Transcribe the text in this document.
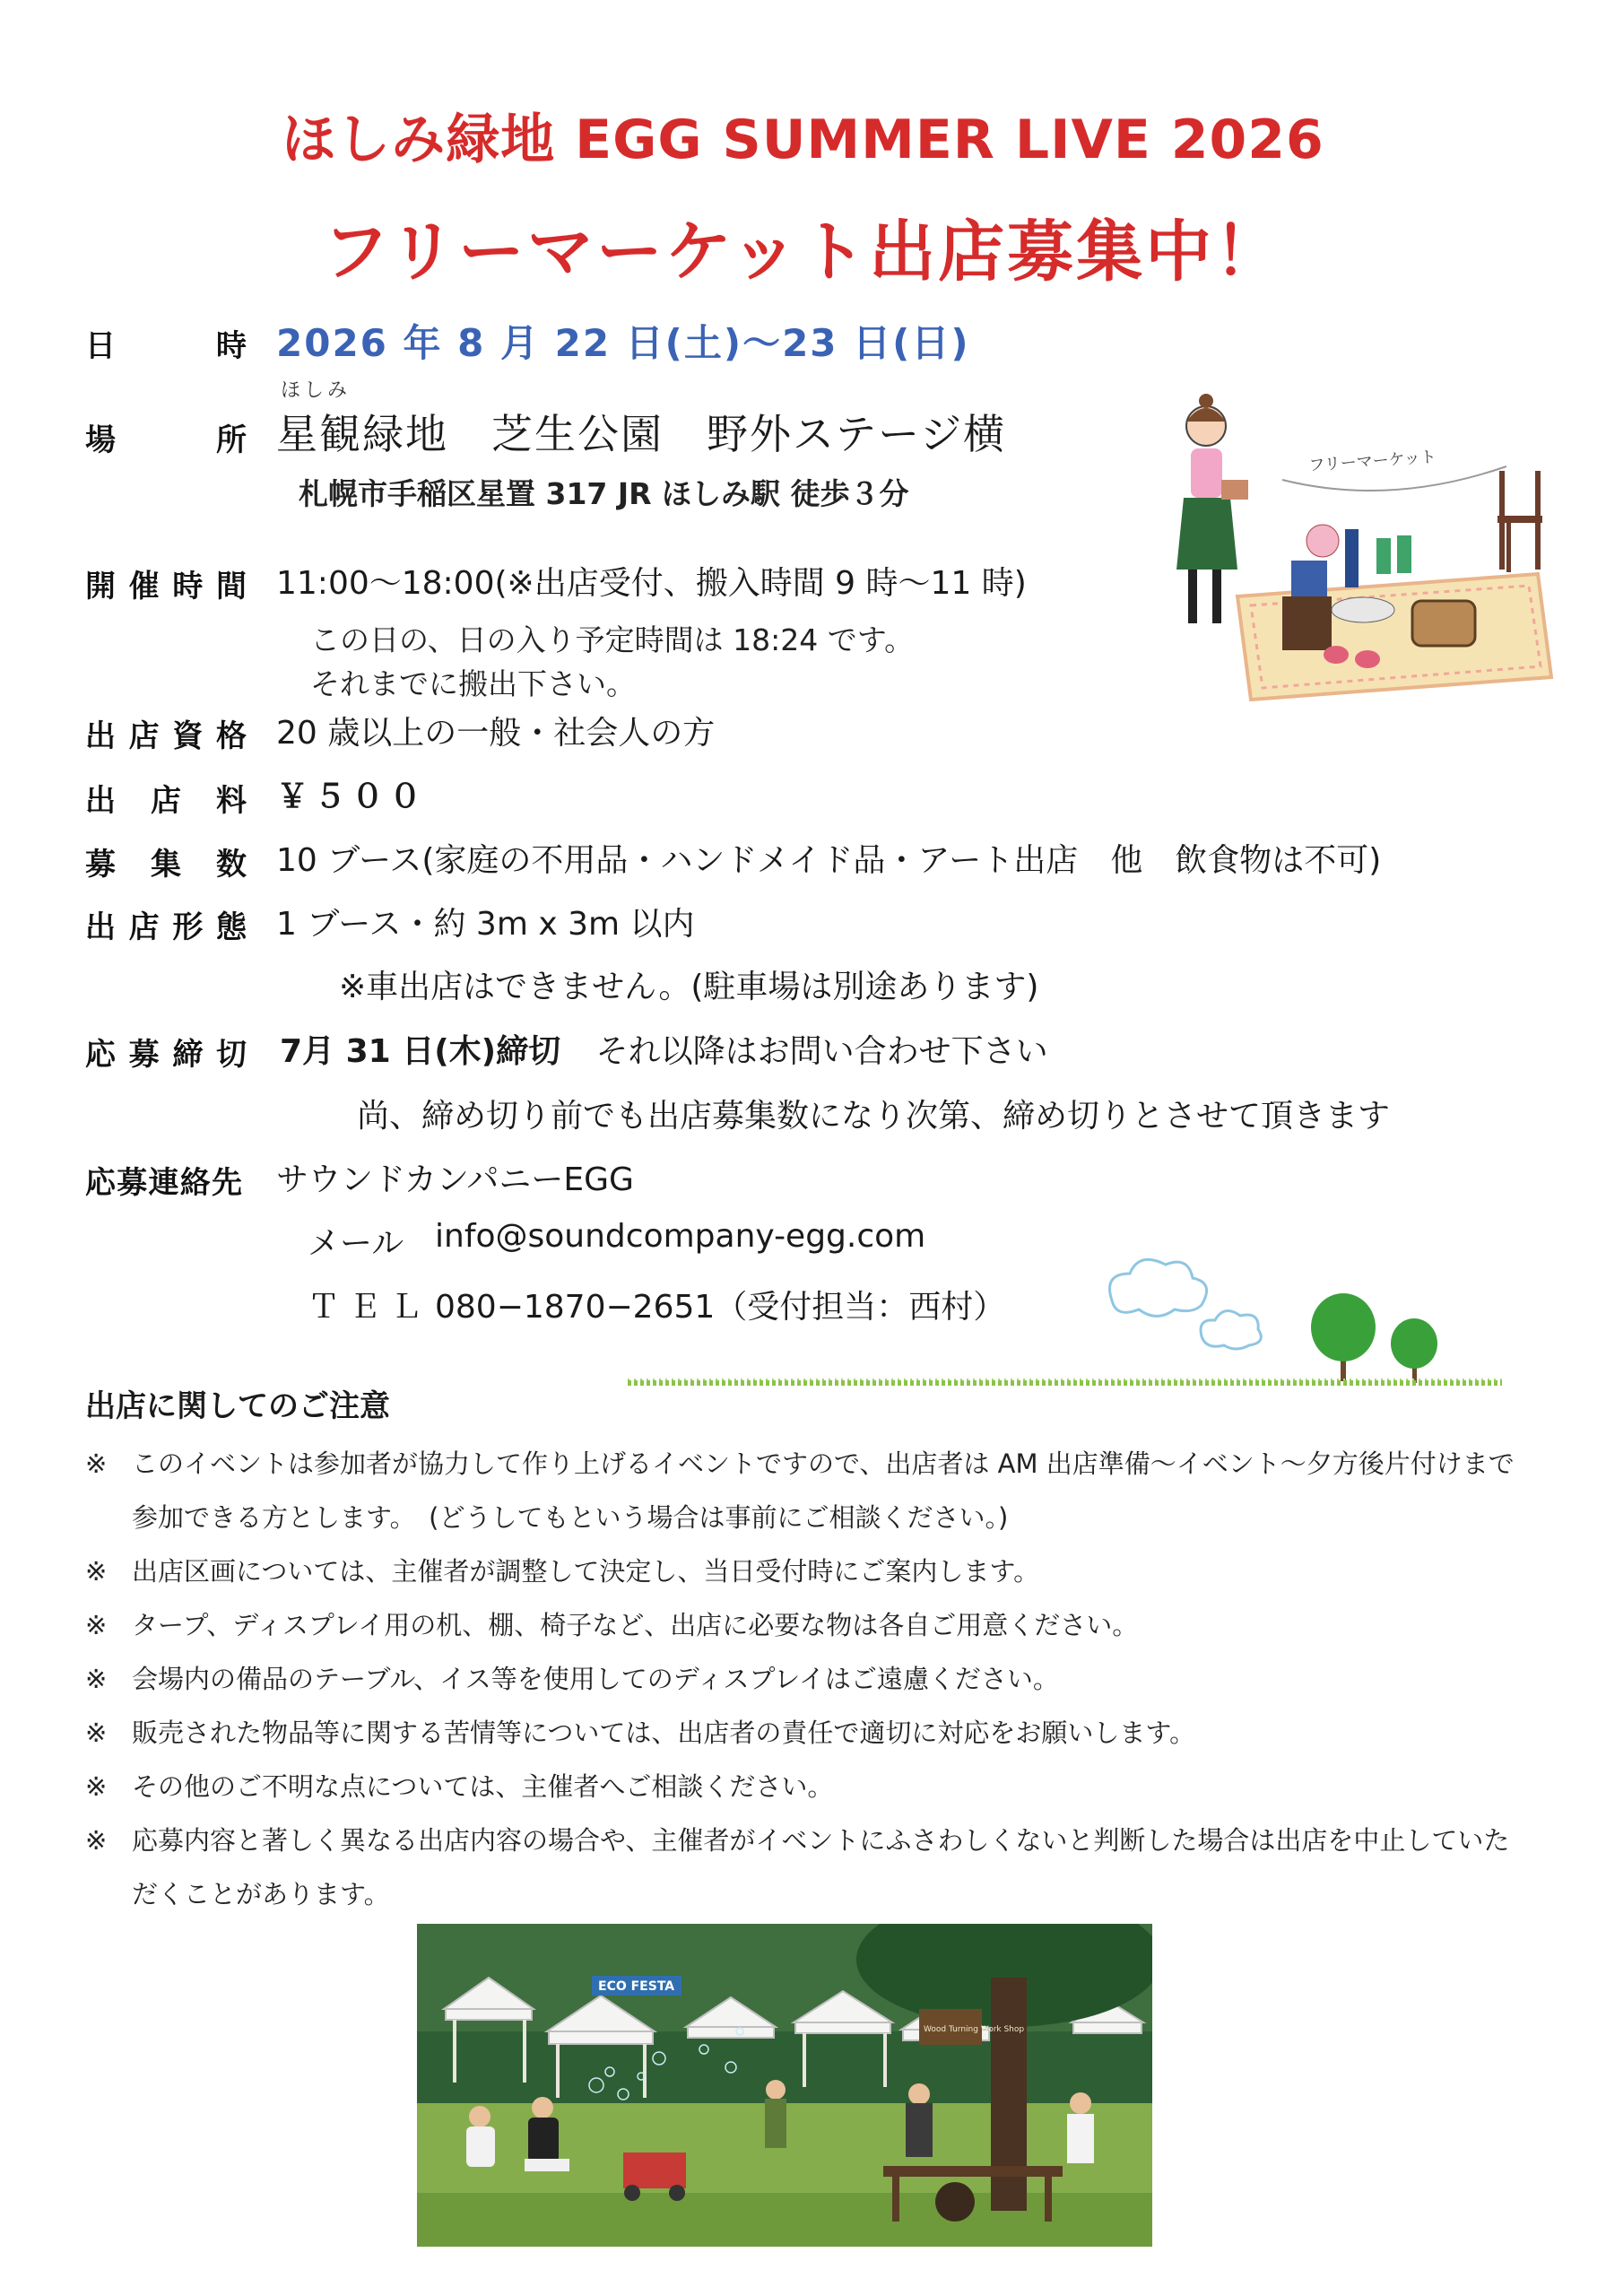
ほしみ緑地 EGG SUMMER LIVE 2026
フリーマーケット出店募集中！
日	時 2026 年 8 月 22 日(土)～23 日(日)
ほしみ
場	所 星観緑地　芝生公園　野外ステージ横
札幌市手稲区星置 317 JR ほしみ駅 徒歩３分
開 催 時 間 11:00～18:00(※出店受付、搬入時間 9 時～11 時)
この日の、日の入り予定時間は 18:24 です。
それまでに搬出下さい。
出 店 資 格 20 歳以上の一般・社会人の方
出 店 料 ￥５００
募 集 数 10 ブース(家庭の不用品・ハンドメイド品・アート出店　他　飲食物は不可)
出 店 形 態 1 ブース・約 3m x 3m 以内
※車出店はできません。(駐車場は別途あります)
応 募 締 切 7月 31 日(木)締切 それ以降はお問い合わせ下さい
尚、締め切り前でも出店募集数になり次第、締め切りとさせて頂きます
応 募 連 絡 先 サウンドカンパニーEGG
メール info@soundcompany-egg.com
ＴＥＬ 080−1870−2651（受付担当：西村）
フリーマーケット
出店に関してのご注意
※ このイベントは参加者が協力して作り上げるイベントですので、出店者は AM 出店準備～イベント～夕方後片付けまで参加できる方とします。　(どうしてもという場合は事前にご相談ください。)
※ 出店区画については、主催者が調整して決定し、当日受付時にご案内します。
※ タープ、ディスプレイ用の机、棚、椅子など、出店に必要な物は各自ご用意ください。
※ 会場内の備品のテーブル、イス等を使用してのディスプレイはご遠慮ください。
※ 販売された物品等に関する苦情等については、出店者の責任で適切に対応をお願いします。
※ その他のご不明な点については、主催者へご相談ください。
※ 応募内容と著しく異なる出店内容の場合や、主催者がイベントにふさわしくないと判断した場合は出店を中止していただくことがあります。
ECO FESTA
Wood Turning Work Shop
